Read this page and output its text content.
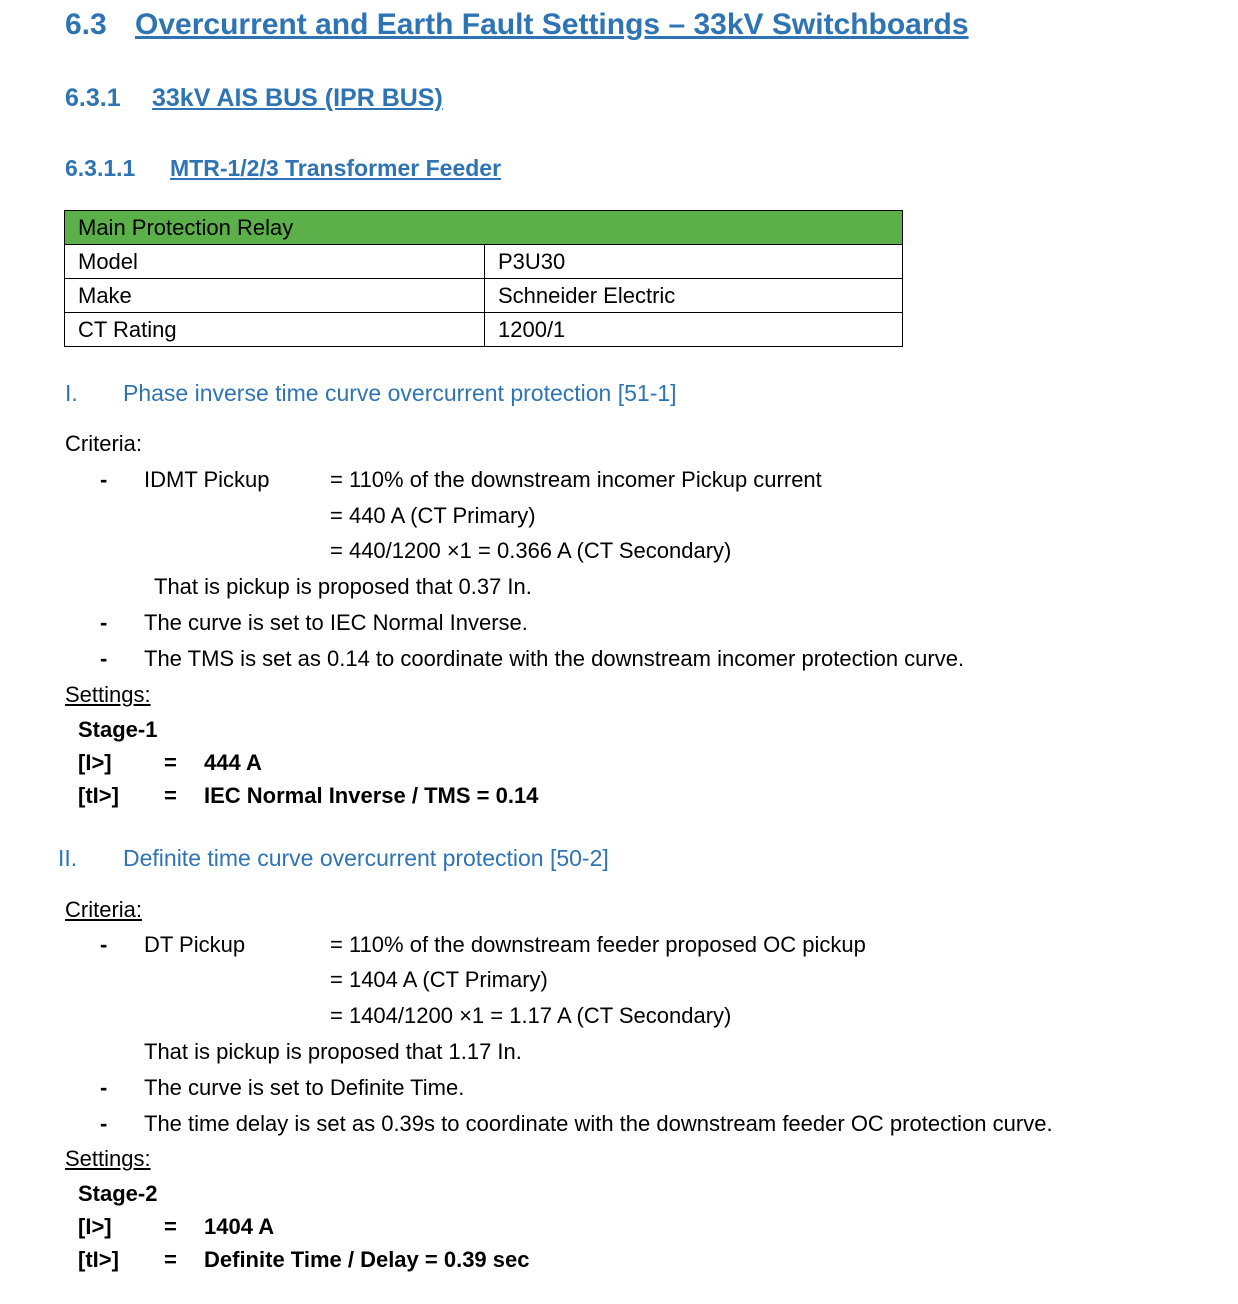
6.3 Overcurrent and Earth Fault Settings – 33kV Switchboards
6.3.1 33kV AIS BUS (IPR BUS)
6.3.1.1 MTR-1/2/3 Transformer Feeder
Main Protection Relay	
Model	P3U30
Make	Schneider Electric
CT Rating	1200/1
I. Phase inverse time curve overcurrent protection [51-1]
Criteria:
- IDMT Pickup	= 110% of the downstream incomer Pickup current
= 440 A (CT Primary)
= 440/1200 ×1 = 0.366 A (CT Secondary)
That is pickup is proposed that 0.37 In.
- The curve is set to IEC Normal Inverse.
- The TMS is set as 0.14 to coordinate with the downstream incomer protection curve.
Settings:
Stage-1
[I>] = 444 A
[tI>] = IEC Normal Inverse / TMS = 0.14
II. Definite time curve overcurrent protection [50-2]
Criteria:
- DT Pickup	= 110% of the downstream feeder proposed OC pickup
= 1404 A (CT Primary)
= 1404/1200 ×1 = 1.17 A (CT Secondary)
That is pickup is proposed that 1.17 In.
- The curve is set to Definite Time.
- The time delay is set as 0.39s to coordinate with the downstream feeder OC protection curve.
Settings:
Stage-2
[I>] = 1404 A
[tI>] = Definite Time / Delay = 0.39 sec
